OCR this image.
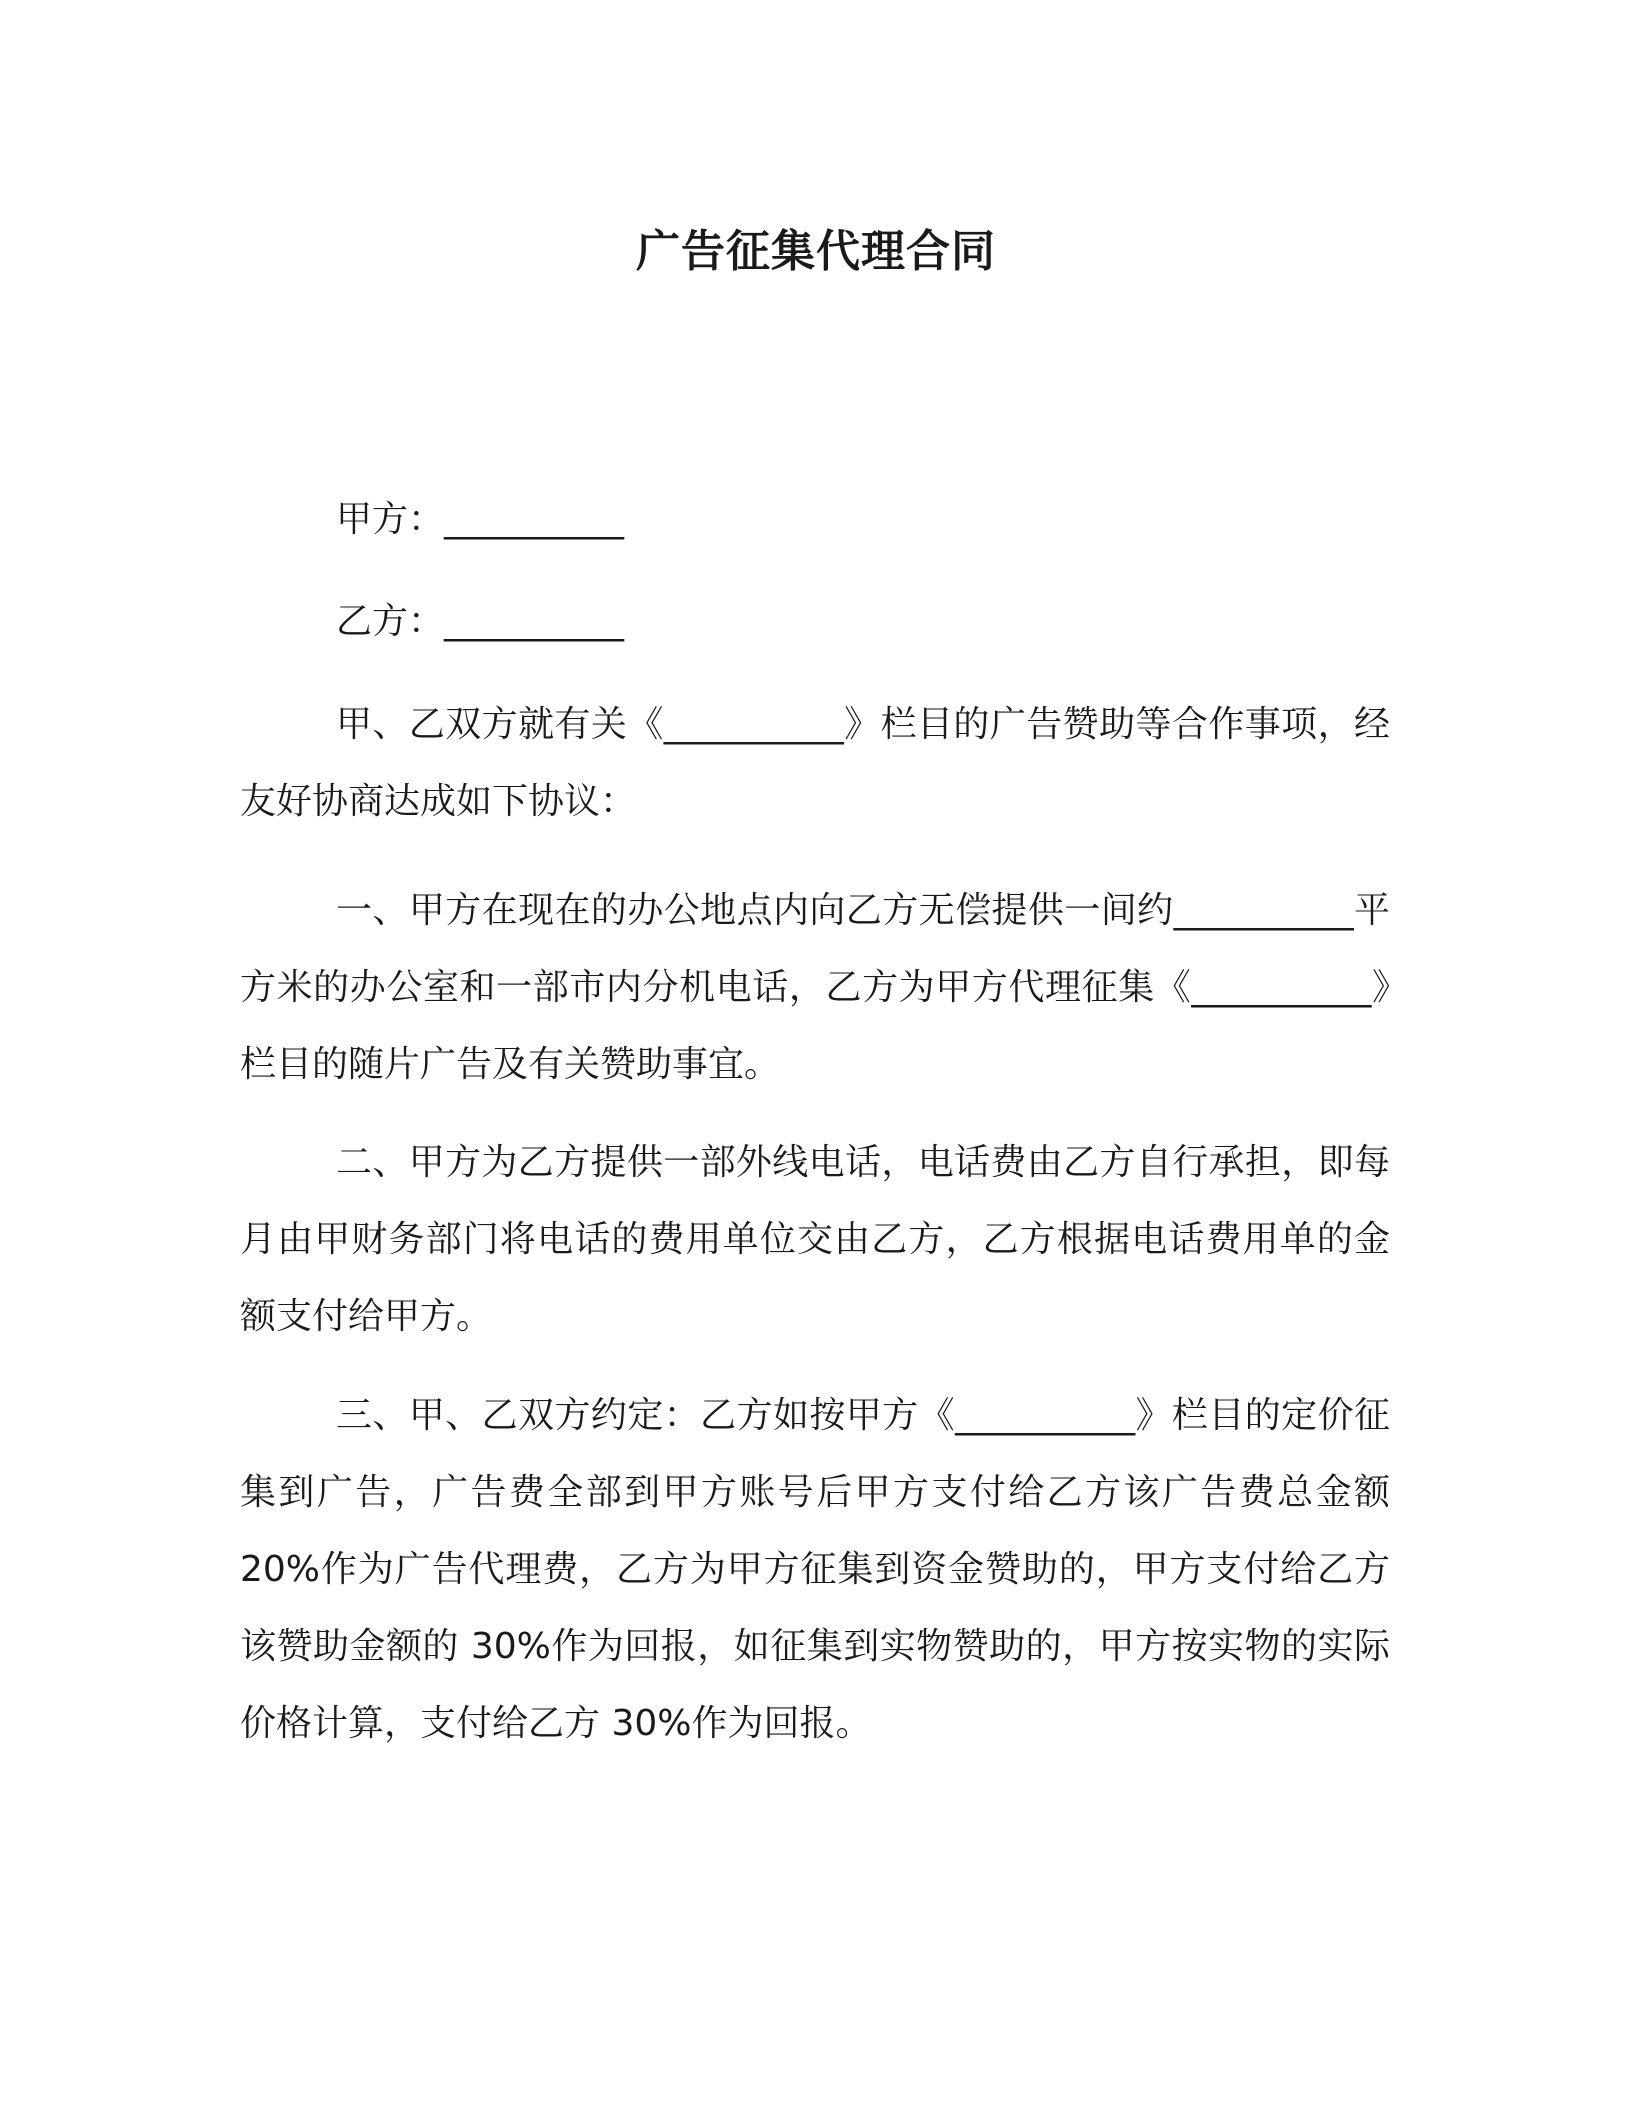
广告征集代理合同

甲方：__________

乙方：__________

甲、乙双方就有关《__________》栏目的广告赞助等合作事项，经友好协商达成如下协议：

一、甲方在现在的办公地点内向乙方无偿提供一间约__________平方米的办公室和一部市内分机电话，乙方为甲方代理征集《__________》栏目的随片广告及有关赞助事宜。

二、甲方为乙方提供一部外线电话，电话费由乙方自行承担，即每月由甲财务部门将电话的费用单位交由乙方，乙方根据电话费用单的金额支付给甲方。

三、甲、乙双方约定：乙方如按甲方《__________》栏目的定价征集到广告，广告费全部到甲方账号后甲方支付给乙方该广告费总金额 20%作为广告代理费，乙方为甲方征集到资金赞助的，甲方支付给乙方该赞助金额的 30%作为回报，如征集到实物赞助的，甲方按实物的实际价格计算，支付给乙方 30%作为回报。
